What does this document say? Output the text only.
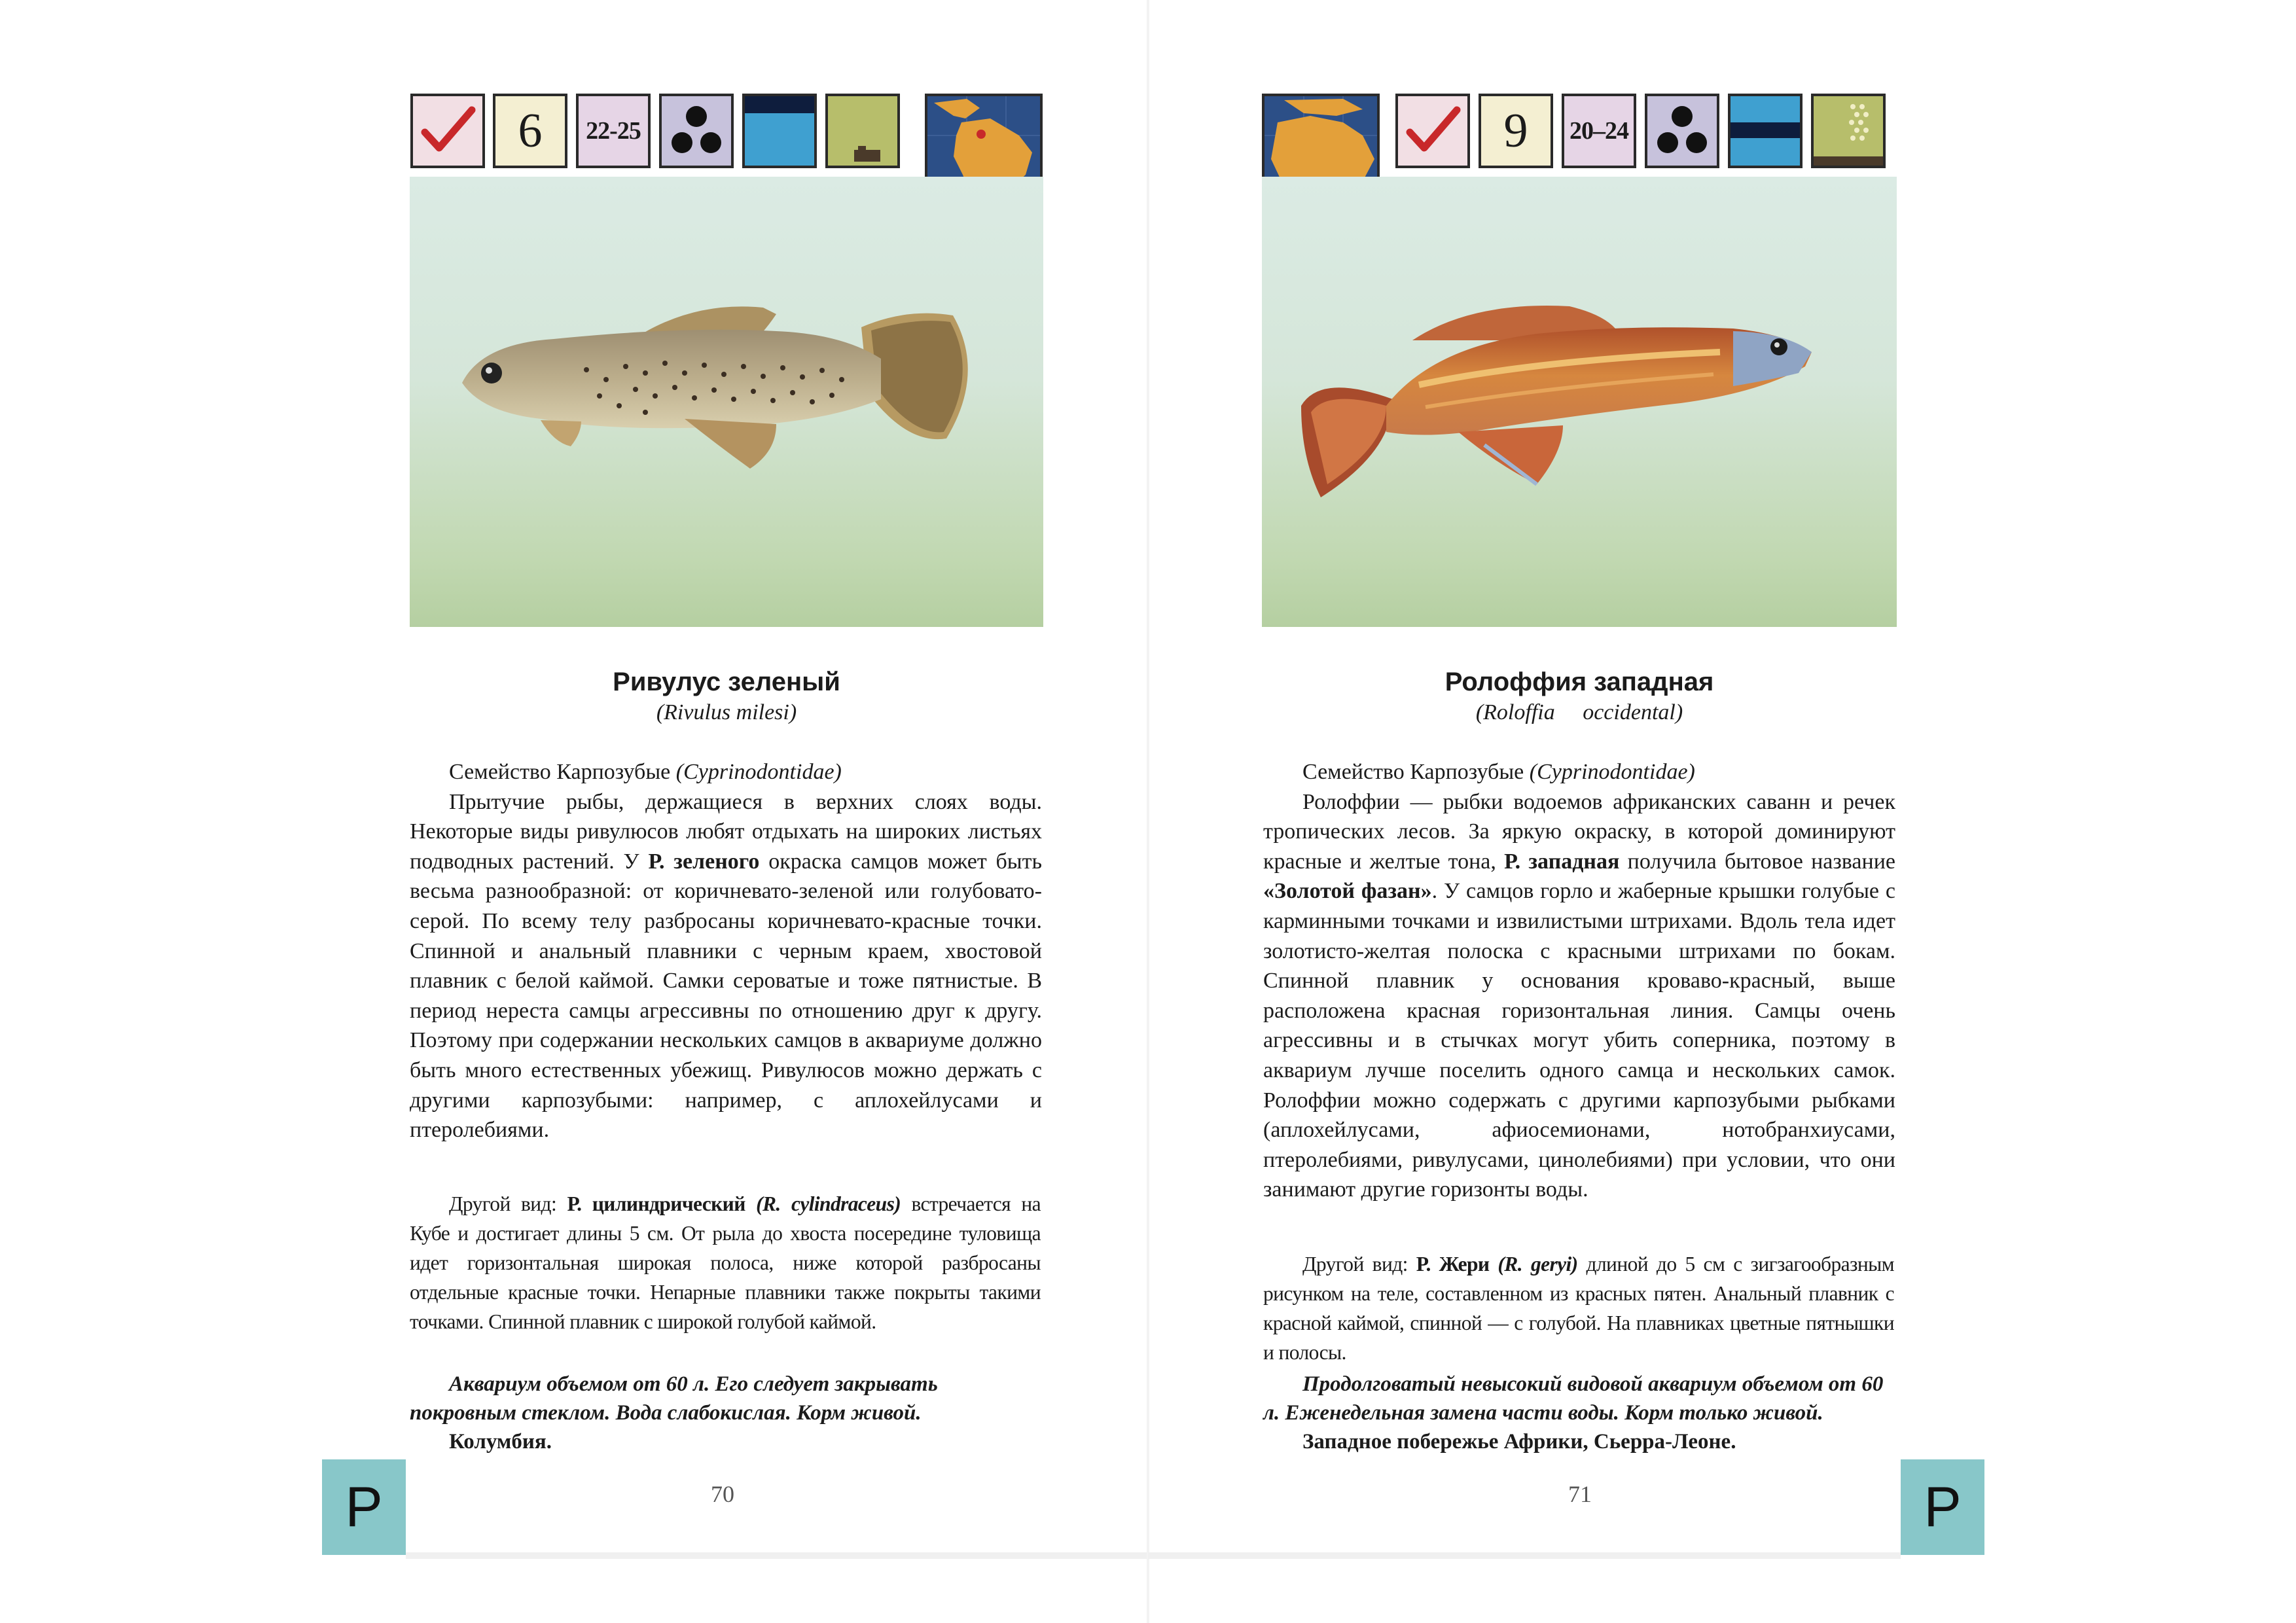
6	22-25
Ривулус зеленый
(Rivulus milesi)

Семейство Карпозубые (Cyprinodontidae)

Прытучие рыбы, держащиеся в верхних слоях воды. Некоторые виды ривулюсов любят отдыхать на широких листьях подводных растений. У Р. зеленого окраска самцов может быть весьма разнообразной: от коричневато-зеленой или голубовато-серой. По всему телу разбросаны коричневато-красные точки. Спинной и анальный плавники с черным краем, хвостовой плавник с белой каймой. Самки сероватые и тоже пятнистые. В период нереста самцы агрессивны по отношению друг к другу. Поэтому при содержании нескольких самцов в аквариуме должно быть много естественных убежищ. Ривулюсов можно держать с другими карпозубыми: например, с аплохейлусами и птеролебиями.

Другой вид: Р. цилиндрический (R. cylindraceus) встречается на Кубе и достигает длины 5 см. От рыла до хвоста посередине туловища идет горизонтальная широкая полоса, ниже которой разбросаны отдельные красные точки. Непарные плавники также покрыты такими точками. Спинной плавник с широкой голубой каймой.

Аквариум объемом от 60 л. Его следует закрывать покровным стеклом. Вода слабокислая. Корм живой.

Колумбия.

Р	70
9	20–24
Ролоффия западная
(Roloffia     occidental)

Семейство Карпозубые (Cyprinodontidae)

Ролоффии — рыбки водоемов африканских саванн и речек тропических лесов. За яркую окраску, в которой доминируют красные и желтые тона, Р. западная получила бытовое название «Золотой фазан». У самцов горло и жаберные крышки голубые с карминными точками и извилистыми штрихами. Вдоль тела идет золотисто-желтая полоска с красными штрихами по бокам. Спинной плавник у основания кроваво-красный, выше расположена красная горизонтальная линия. Самцы очень агрессивны и в стычках могут убить соперника, поэтому в аквариум лучше поселить одного самца и нескольких самок. Ролоффии можно содержать с другими карпозубыми рыбками (аплохейлусами, афиосемионами, нотобранхиусами, птеролебиями, ривулусами, цинолебиями) при условии, что они занимают другие горизонты воды.

Другой вид: Р. Жери (R. geryi) длиной до 5 см с зигзагообразным рисунком на теле, составленном из красных пятен. Анальный плавник с красной каймой, спинной — с голубой. На плавниках цветные пятнышки и полосы.

Продолговатый невысокий видовой аквариум объемом от 60 л. Еженедельная замена части воды. Корм только живой.

Западное побережье Африки, Сьерра-Леоне.

71	Р
